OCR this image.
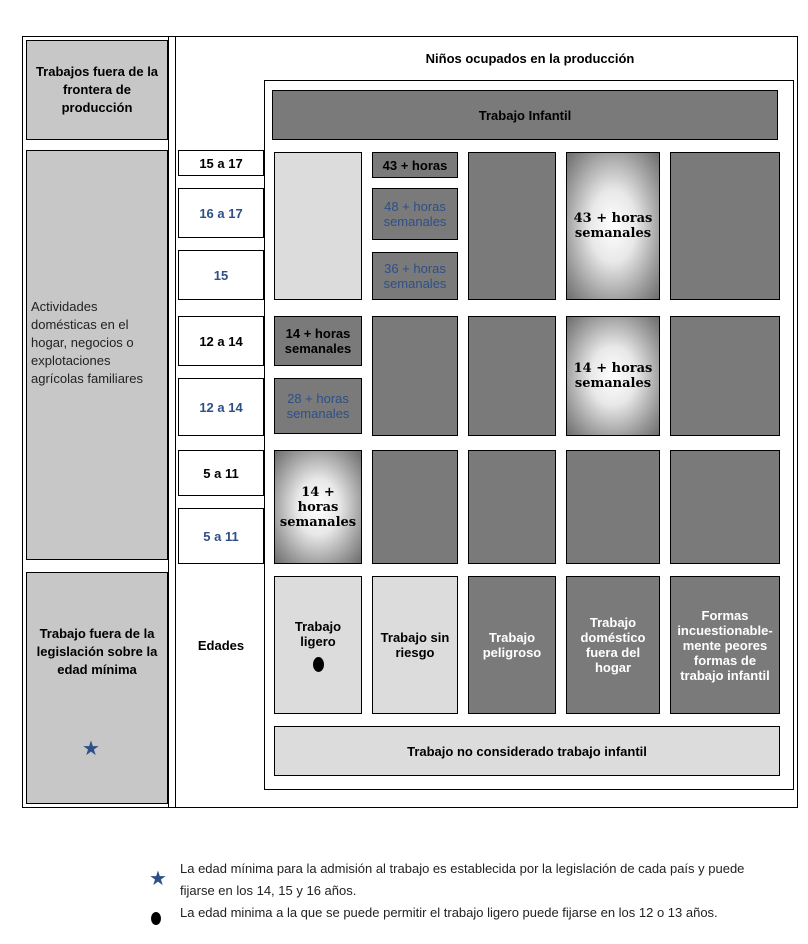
Trabajos fuera de la frontera de producción
Actividades domésticas en el hogar, negocios o explotaciones agrícolas familiares
Trabajo fuera de la legislación sobre la edad mínima
★
Niños ocupados en la producción
Trabajo Infantil
15 a 17
16 a 17
15
12 a 14
12 a 14
5 a 11
5 a 11
Edades
43 + horas
48 + horas semanales
36 + horas semanales
43 + horas semanales
14 + horas semanales
28 + horas semanales
14 + horas semanales
14 + horas semanales
Trabajo ligero	Trabajo sin riesgo
Trabajo peligroso
Trabajo doméstico fuera del hogar
Formas incuestionable-mente peores formas de trabajo infantil
Trabajo no considerado trabajo infantil
★ La edad mínima para la admisión al trabajo es establecida por la legislación de cada país y puede fijarse en los 14, 15 y 16 años.
La edad minima a la que se puede permitir el trabajo ligero puede fijarse en los 12 o 13 años.
